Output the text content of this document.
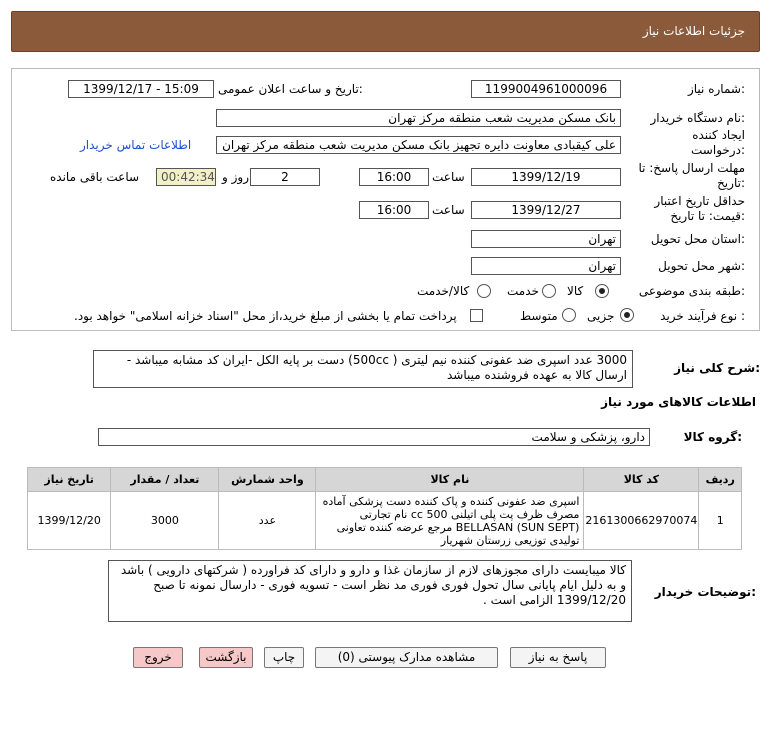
جزئیات اطلاعات نیاز
شماره نیاز:
1199004961000096
تاریخ و ساعت اعلان عمومی:
1399/12/17 - 15:09
نام دستگاه خریدار:
بانک مسکن مدیریت شعب منطقه مرکز تهران
ایجاد کننده درخواست:
علی کیقبادی معاونت دایره تجهیز بانک مسکن مدیریت شعب منطقه مرکز تهران
اطلاعات تماس خریدار
مهلت ارسال پاسخ: تا تاریخ:
1399/12/19
ساعت
16:00
2
روز و
00:42:34
ساعت باقی مانده
حداقل تاریخ اعتبار قیمت: تا تاریخ:
1399/12/27
ساعت
16:00
استان محل تحویل:
تهران
شهر محل تحویل:
تهران
طبقه بندی موضوعی:
کالا
خدمت
کالا/خدمت
نوع فرآیند خرید :
جزیی
متوسط
پرداخت تمام یا بخشی از مبلغ خرید،از محل "اسناد خزانه اسلامی" خواهد بود.
شرح کلی نیاز:
3000 عدد اسپری ضد عفونی کننده نیم لیتری ( 500cc) دست بر پایه الکل -ایران کد مشابه میباشد - ارسال کالا به عهده فروشنده میباشد
اطلاعات کالاهای مورد نیاز
گروه کالا:
دارو، پزشکی و سلامت
تاریخ نیاز	تعداد / مقدار	واحد شمارش	نام کالا	کد کالا	ردیف
1399/12/20	3000	عدد	اسپری ضد عفونی کننده و پاک کننده دست پزشکی آماده مصرف ظرف پت پلی اتیلنی cc 500 نام تجارتی BELLASAN (SUN SEPT) مرجع عرضه کننده تعاونی تولیدی توزیعی زرستان شهریار	2161300662970074	1
توضیحات خریدار:
کالا میبایست دارای مجوزهای لازم از سازمان غذا و دارو و دارای کد فراورده ( شرکتهای دارویی ) باشد و به دلیل ایام پایانی سال تحول فوری فوری مد نظر است - تسویه فوری - دارسال نمونه تا صبح 1399/12/20 الزامی است .
پاسخ به نیاز
مشاهده مدارک پیوستی (0)
چاپ
بازگشت
خروج
